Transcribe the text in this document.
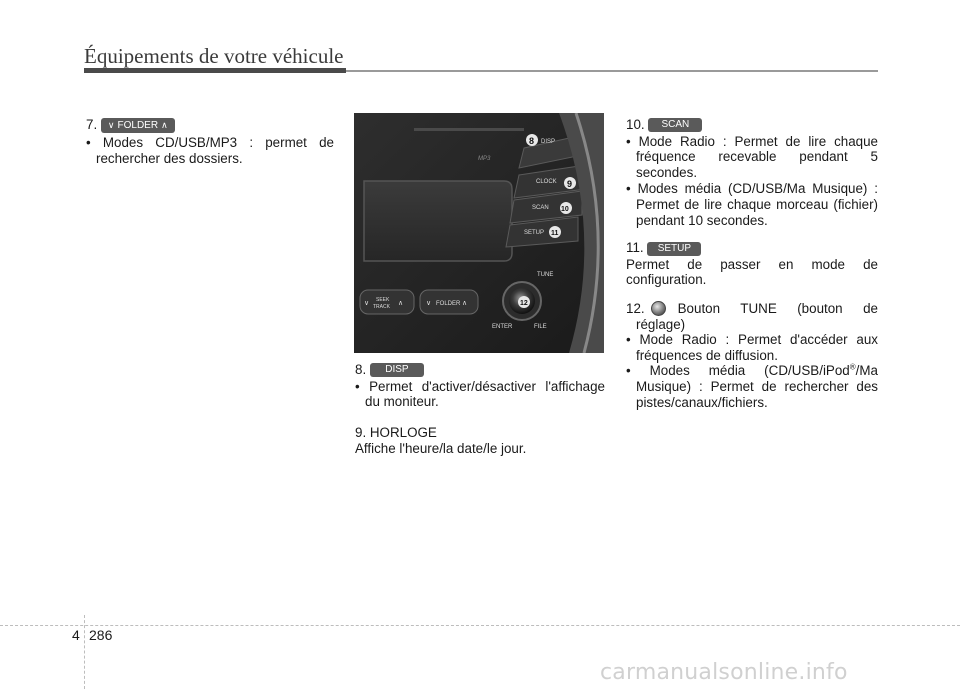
Équipements de votre véhicule

7. ∨ FOLDER ∧

• Modes CD/USB/MP3 : permet de

rechercher des dossiers.	MP3
DISP
CLOCK
SCAN
SETUP
TUNE
ENTER	FILE
SEEK
TRACK
∨	∧	∨ FOLDER ∧
8
9
10
11
12

8. DISP

• Permet d'activer/désactiver l'affichage

du moniteur.

9. HORLOGE

Affiche l'heure/la date/le jour.

10. SCAN

• Mode Radio : Permet de lire chaque

fréquence recevable pendant 5

secondes.

• Modes média (CD/USB/Ma Musique) :

Permet de lire chaque morceau (fichier)

pendant 10 secondes.

11. SETUP

Permet de passer en mode de

configuration.

12. Bouton TUNE (bouton de

réglage)

• Mode Radio : Permet d'accéder aux

fréquences de diffusion.

• Modes média (CD/USB/iPod®/Ma

Musique) : Permet de rechercher des

pistes/canaux/fichiers.

4 286
carmanualsonline.info
